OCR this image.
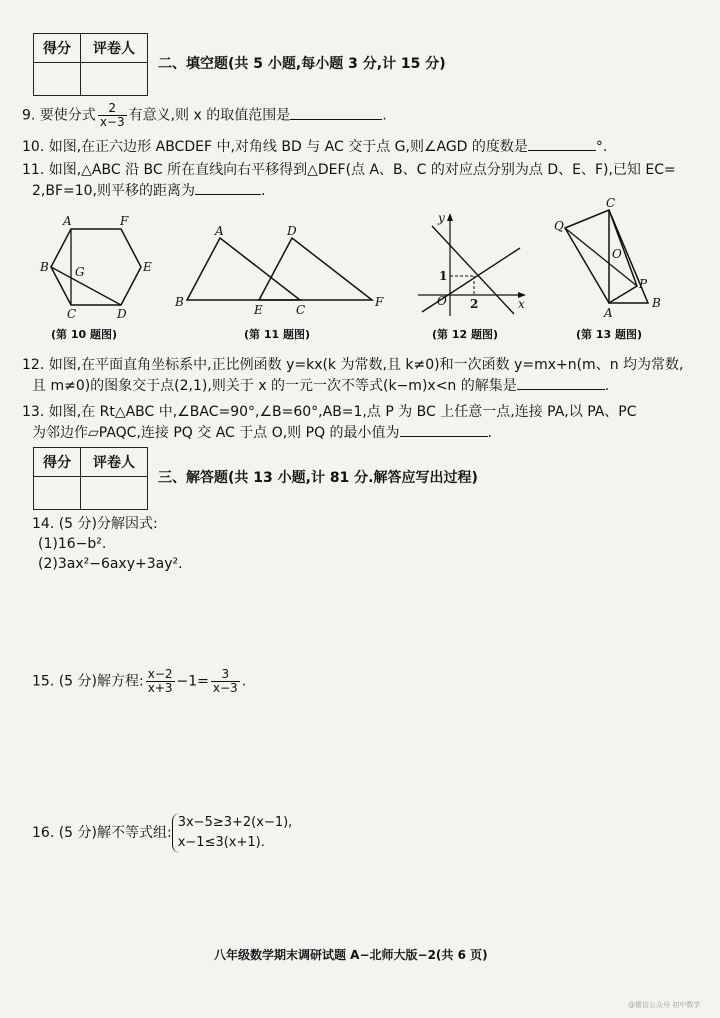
得分	评卷人

二、填空题(共 5 小题,每小题 3 分,计 15 分)
9. 要使分式 $\frac{2}{x-3}$ 有意义,则 x 的取值范围是	.
10. 如图,在正六边形 ABCDEF 中,对角线 BD 与 AC 交于点 G,则∠AGD 的度数是	°.
11. 如图,△ABC 沿 BC 所在直线向右平移得到△DEF(点 A、B、C 的对应点分别为点 D、E、F),已知 EC=
2,BF=10,则平移的距离为	.
A	F
B G	E
C	D
(第 10 题图)
A	D
B
E	C
F
(第 11 题图)
y
O
1
2	x
(第 12 题图)
Q
C
O
P
A
B
(第 13 题图)
12. 如图,在平面直角坐标系中,正比例函数 y=kx(k 为常数,且 k≠0)和一次函数 y=mx+n(m、n 均为常数,
且 m≠0)的图象交于点(2,1),则关于 x 的一元一次不等式(k−m)x<n 的解集是	.
13. 如图,在 Rt△ABC 中,∠BAC=90°,∠B=60°,AB=1,点 P 为 BC 上任意一点,连接 PA,以 PA、PC
为邻边作▱PAQC,连接 PQ 交 AC 于点 O,则 PQ 的最小值为	.
得分	评卷人

三、解答题(共 13 小题,计 81 分.解答应写出过程)
14. (5 分)分解因式:
(1)16−b².
(2)3ax²−6axy+3ay².
15. (5 分)解方程: $\frac{x-2}{x+3} -1= \frac{3}{x-3}$ .
16. (5 分)解不等式组:
3x−5≥3+2(x−1),
x−1≤3(x+1).
八年级数学期末调研试题 A−北师大版−2(共 6 页)
@微信公众号 初中数学
